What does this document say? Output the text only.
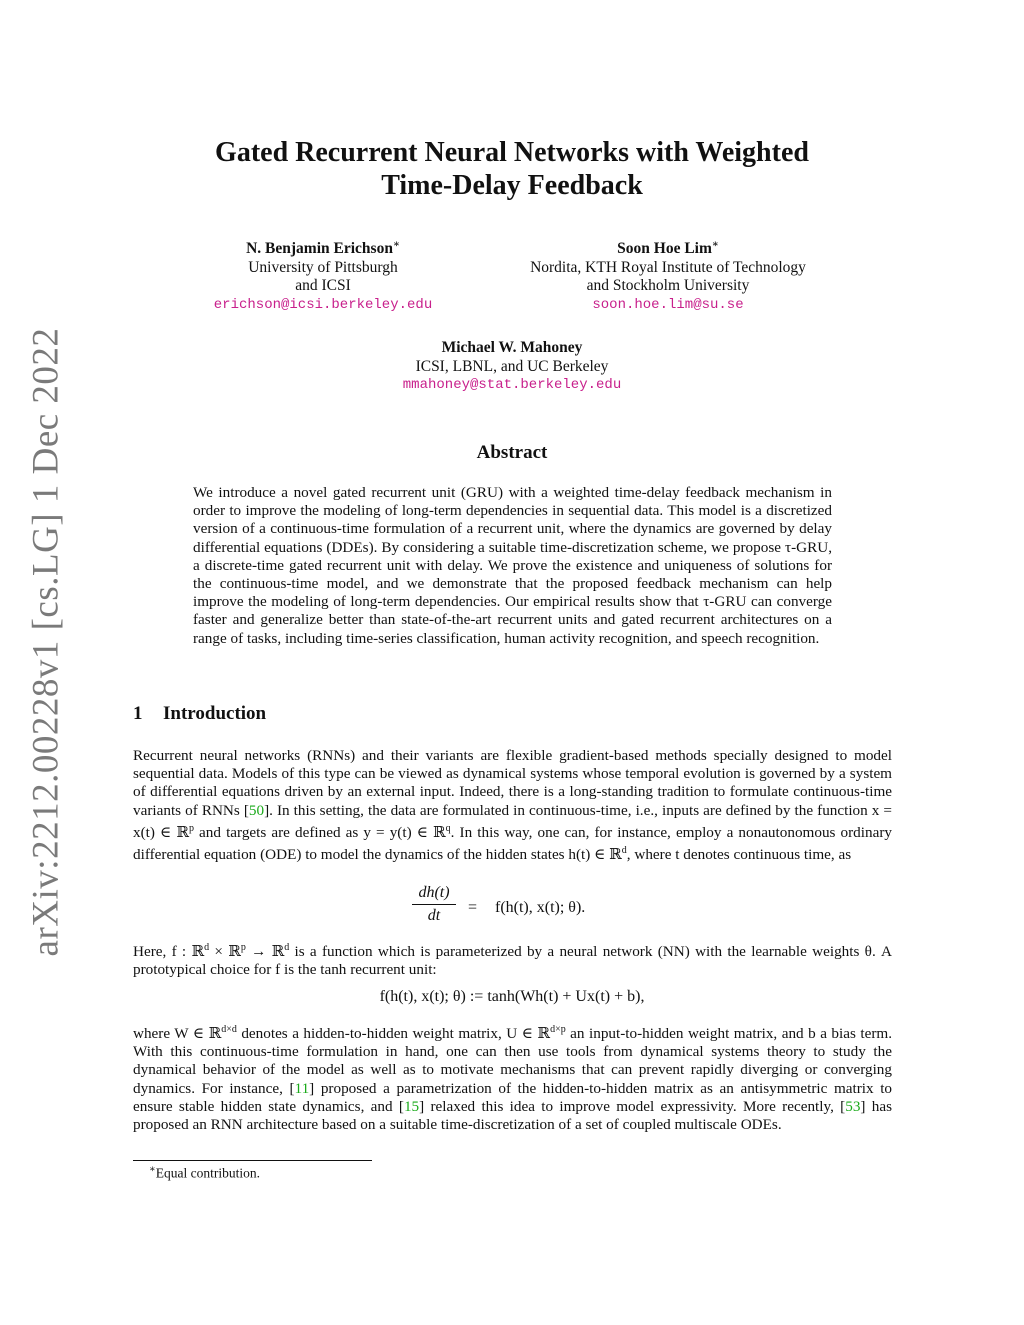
arXiv:2212.00228v1 [cs.LG] 1 Dec 2022
Gated Recurrent Neural Networks with Weighted
Time-Delay Feedback
N. Benjamin Erichson∗
University of Pittsburgh
and ICSI
erichson@icsi.berkeley.edu
Soon Hoe Lim∗
Nordita, KTH Royal Institute of Technology
and Stockholm University
soon.hoe.lim@su.se
Michael W. Mahoney
ICSI, LBNL, and UC Berkeley
mmahoney@stat.berkeley.edu
Abstract
We introduce a novel gated recurrent unit (GRU) with a weighted time-delay feedback mechanism in order to improve the modeling of long-term dependencies in sequential data. This model is a discretized version of a continuous-time formulation of a recurrent unit, where the dynamics are governed by delay differential equations (DDEs). By considering a suitable time-discretization scheme, we propose τ-GRU, a discrete-time gated recurrent unit with delay. We prove the existence and uniqueness of solutions for the continuous-time model, and we demonstrate that the proposed feedback mechanism can help improve the modeling of long-term dependencies. Our empirical results show that τ-GRU can converge faster and generalize better than state-of-the-art recurrent units and gated recurrent architectures on a range of tasks, including time-series classification, human activity recognition, and speech recognition.
1 Introduction
Recurrent neural networks (RNNs) and their variants are flexible gradient-based methods specially designed to model sequential data. Models of this type can be viewed as dynamical systems whose temporal evolution is governed by a system of differential equations driven by an external input. Indeed, there is a long-standing tradition to formulate continuous-time variants of RNNs [50]. In this setting, the data are formulated in continuous-time, i.e., inputs are defined by the function x = x(t) ∈ ℝ$^p$ and targets are defined as y = y(t) ∈ ℝ$^q$. In this way, one can, for instance, employ a nonautonomous ordinary differential equation (ODE) to model the dynamics of the hidden states h(t) ∈ ℝ$^d$, where t denotes continuous time, as
$\frac{dh(t)}{dt} = f(h(t)$, x(t); θ).
Here, f : ℝ$^d$ × ℝ$^p$ → ℝ$^d$ is a function which is parameterized by a neural network (NN) with the learnable weights θ. A prototypical choice for f is the tanh recurrent unit:
f(h(t), x(t); θ) := tanh(Wh(t) + Ux(t) + b),
where W ∈ ℝ$^{d\times d}$ denotes a hidden-to-hidden weight matrix, U ∈ ℝ$^{d\times p}$ an input-to-hidden weight matrix, and b a bias term. With this continuous-time formulation in hand, one can then use tools from dynamical systems theory to study the dynamical behavior of the model as well as to motivate mechanisms that can prevent rapidly diverging or converging dynamics. For instance, [11] proposed a parametrization of the hidden-to-hidden matrix as an antisymmetric matrix to ensure stable hidden state dynamics, and [15] relaxed this idea to improve model expressivity. More recently, [53] has proposed an RNN architecture based on a suitable time-discretization of a set of coupled multiscale ODEs.
∗Equal contribution.
